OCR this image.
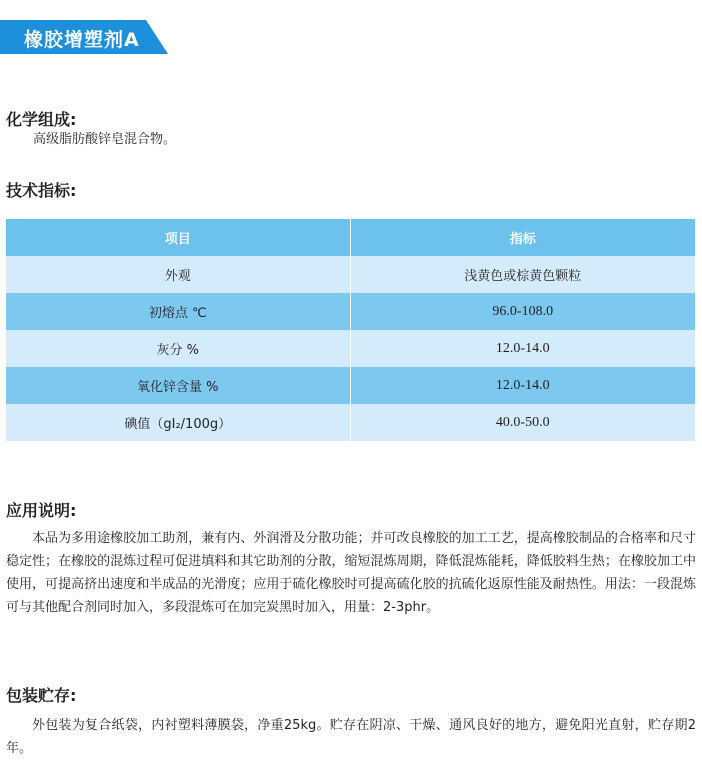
橡胶增塑剂A
化学组成:
高级脂肪酸锌皂混合物。
技术指标:
项目	指标
外观	浅黄色或棕黄色颗粒
初熔点 ℃	96.0-108.0
灰分 %	12.0-14.0
氧化锌含量 %	12.0-14.0
碘值（gI₂/100g）	40.0-50.0
应用说明:
本品为多用途橡胶加工助剂，兼有内、外润滑及分散功能；并可改良橡胶的加工工艺，提高橡胶制品的合格率和尺寸稳定性；在橡胶的混炼过程可促进填料和其它助剂的分散，缩短混炼周期，降低混炼能耗，降低胶料生热；在橡胶加工中使用，可提高挤出速度和半成品的光滑度；应用于硫化橡胶时可提高硫化胶的抗硫化返原性能及耐热性。用法：一段混炼可与其他配合剂同时加入，多段混炼可在加完炭黑时加入，用量：2-3phr。
包装贮存:
外包装为复合纸袋，内衬塑料薄膜袋，净重25kg。贮存在阴凉、干燥、通风良好的地方，避免阳光直射，贮存期2年。
